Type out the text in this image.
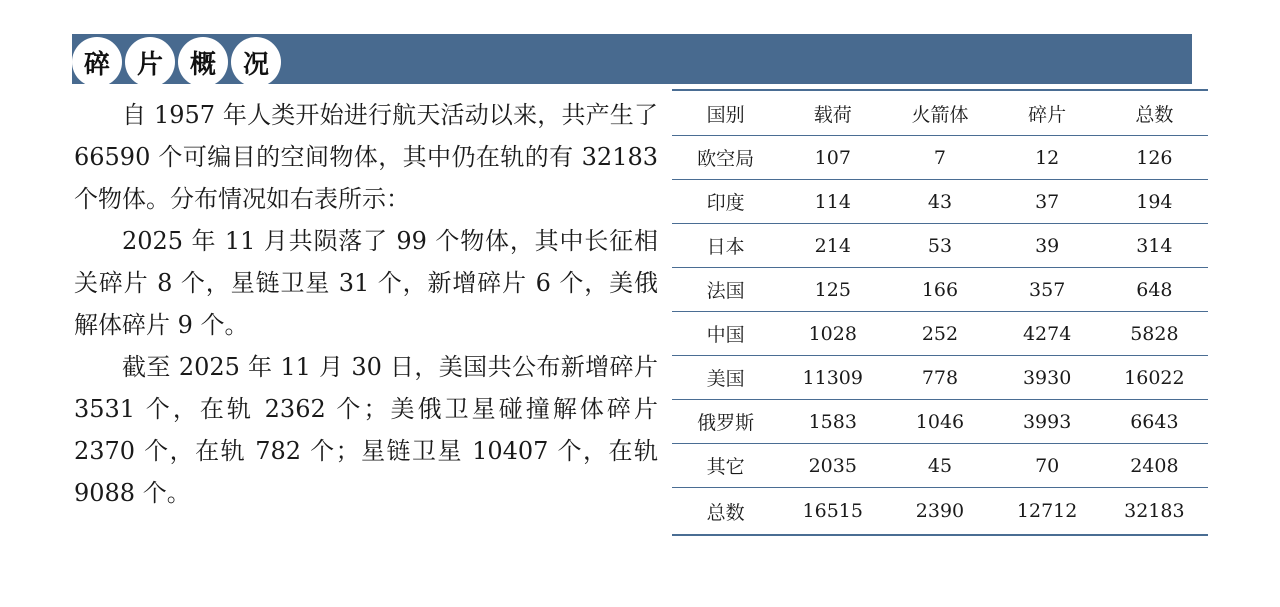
碎	片	概	况

自 1957 年人类开始进行航天活动以来，共产生了 66590 个可编目的空间物体，其中仍在轨的有 32183 个物体。分布情况如右表所示：

2025 年 11 月共陨落了 99 个物体，其中长征相关碎片 8 个，星链卫星 31 个，新增碎片 6 个，美俄解体碎片 9 个。

截至 2025 年 11 月 30 日，美国共公布新增碎片 3531 个，在轨 2362 个；美俄卫星碰撞解体碎片 2370 个，在轨 782 个；星链卫星 10407 个，在轨 9088 个。

国别	载荷	火箭体	碎片	总数
欧空局	107	7	12	126
印度	114	43	37	194
日本	214	53	39	314
法国	125	166	357	648
中国	1028	252	4274	5828
美国	11309	778	3930	16022
俄罗斯	1583	1046	3993	6643
其它	2035	45	70	2408
总数	16515	2390	12712	32183
